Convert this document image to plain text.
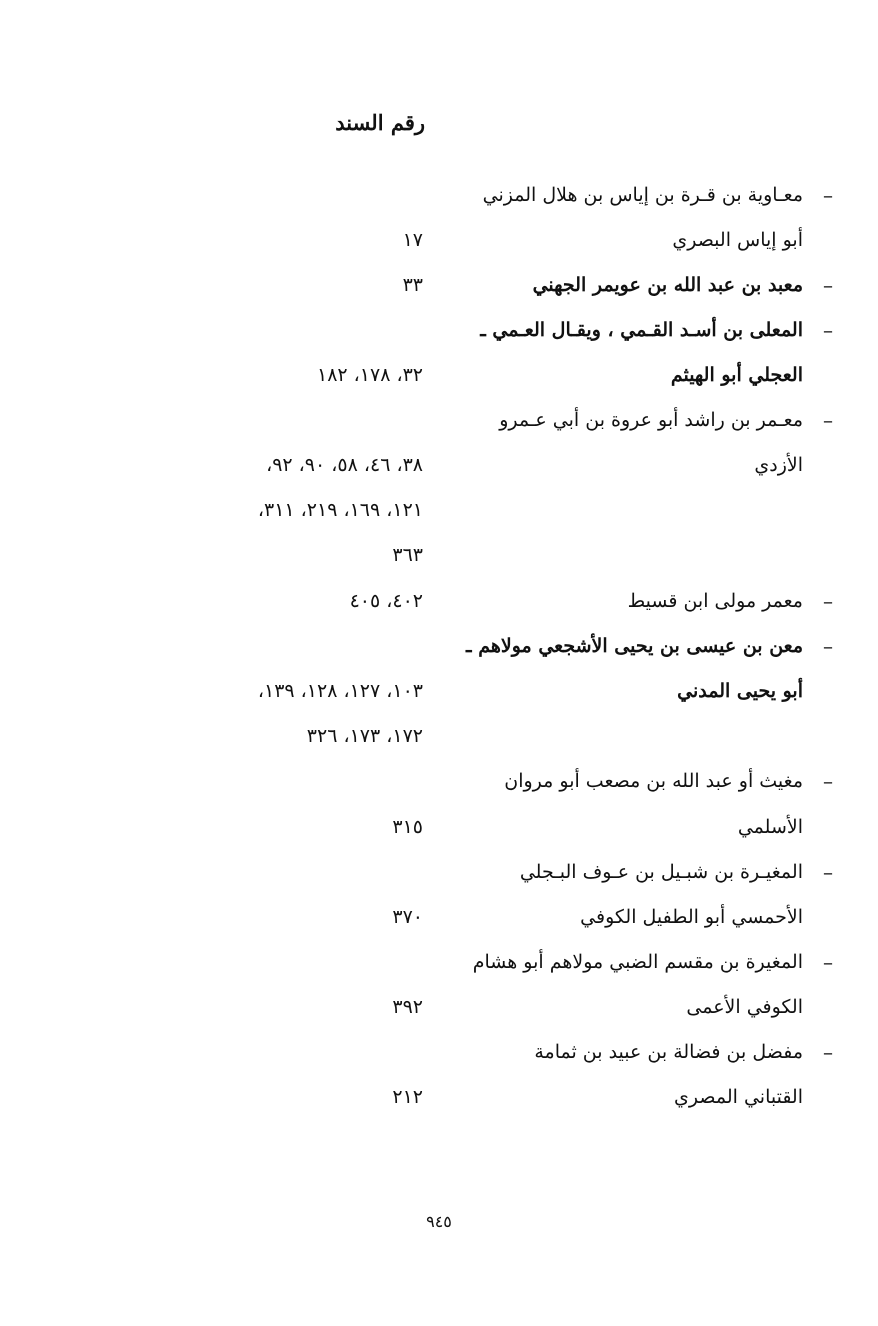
رقم السند
–
معـاوية بن قـرة بن إياس بن هلال المزني
أبو إياس البصري
١٧
–
معبد بن عبد الله بن عويمر الجهني
٣٣
–
المعلى بن أسـد القـمي ، ويقـال العـمي ـ
العجلي أبو الهيثم
٣٢، ١٧٨، ١٨٢
–
معـمر بن راشد أبو عروة بن أبي عـمرو
الأزدي
٣٨، ٤٦، ٥٨، ٩٠، ٩٢،
١٢١، ١٦٩، ٢١٩، ٣١١،
٣٦٣
–
معمر مولى ابن قسيط
٤٠٢، ٤٠٥
–
معن بن عيسى بن يحيى الأشجعي مولاهم ـ
أبو يحيى المدني
١٠٣، ١٢٧، ١٢٨، ١٣٩،
١٧٢، ١٧٣، ٣٢٦
–
مغيث أو عبد الله بن مصعب أبو مروان
الأسلمي
٣١٥
–
المغيـرة بن شبـيل بن عـوف البـجلي
الأحمسي أبو الطفيل الكوفي
٣٧٠
–
المغيرة بن مقسم الضبي مولاهم أبو هشام
الكوفي الأعمى
٣٩٢
–
مفضل بن فضالة بن عبيد بن ثمامة
القتباني المصري
٢١٢
٩٤٥
